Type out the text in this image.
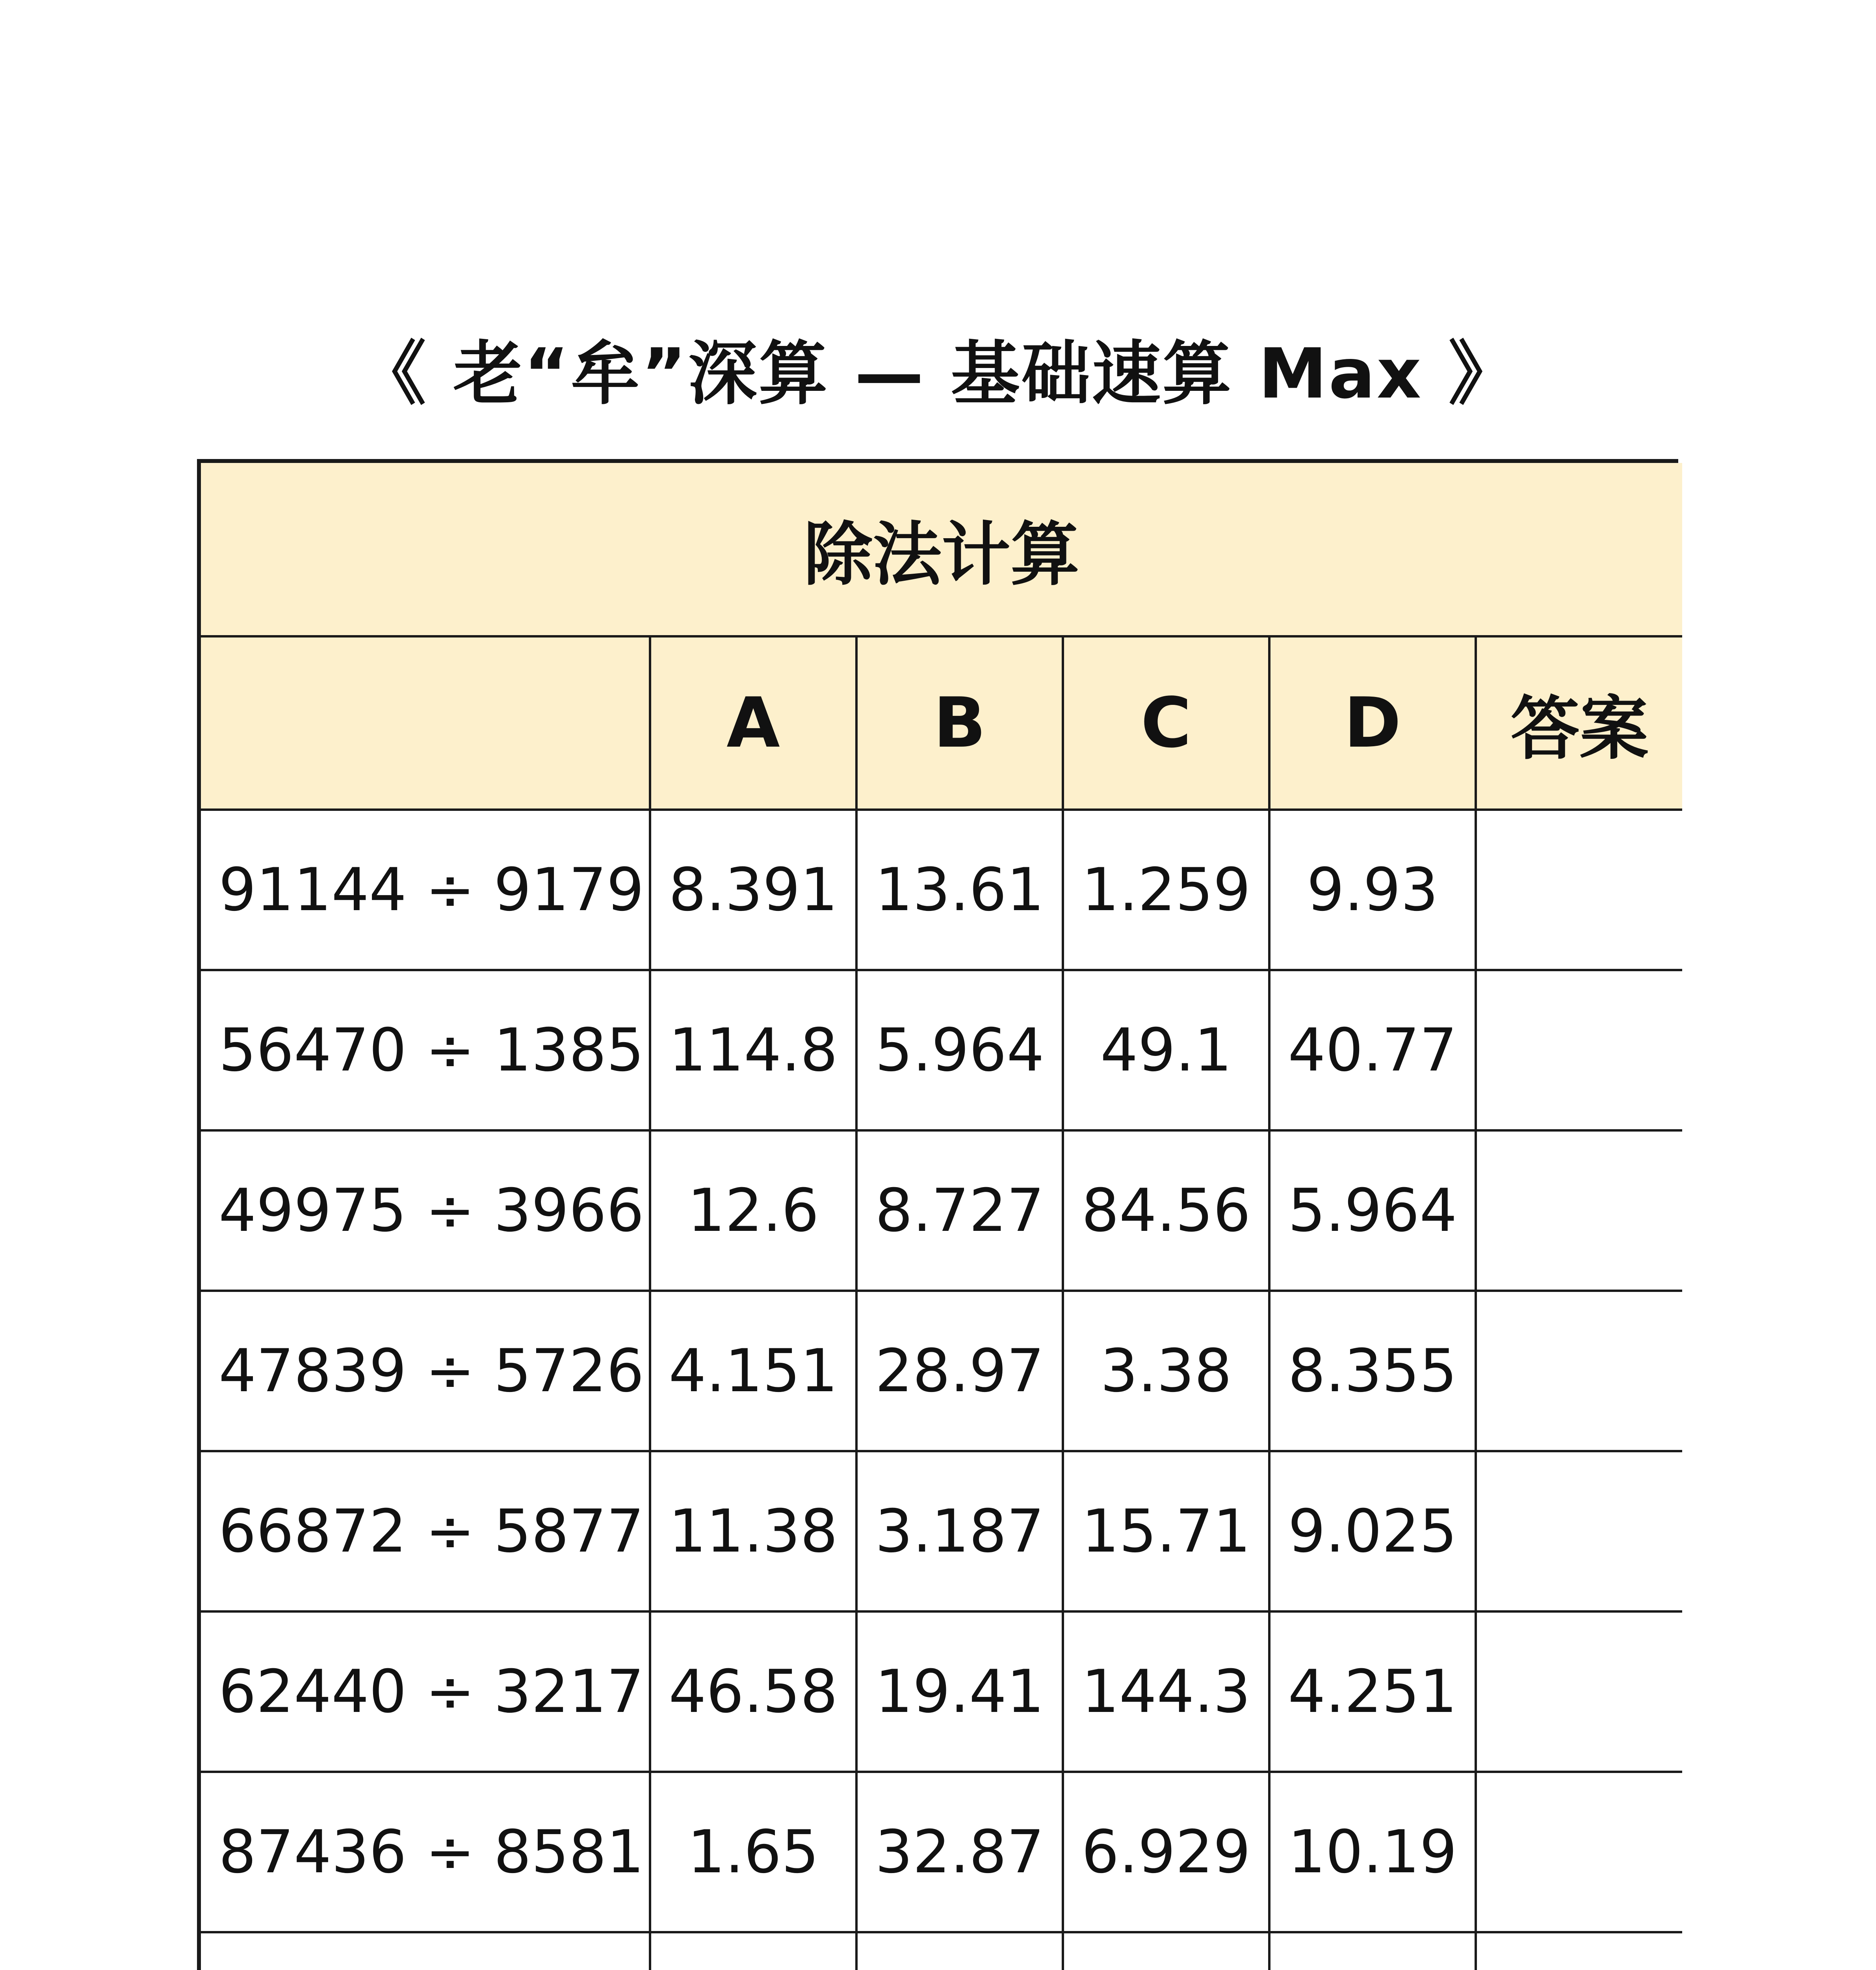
《 老“牟”深算 — 基础速算 Max 》
除法计算					
	A	B	C	D	答案
91144 ÷ 9179	8.391	13.61	1.259	9.93	
56470 ÷ 1385	114.8	5.964	49.1	40.77	
49975 ÷ 3966	12.6	8.727	84.56	5.964	
47839 ÷ 5726	4.151	28.97	3.38	8.355	
66872 ÷ 5877	11.38	3.187	15.71	9.025	
62440 ÷ 3217	46.58	19.41	144.3	4.251	
87436 ÷ 8581	1.65	32.87	6.929	10.19	
